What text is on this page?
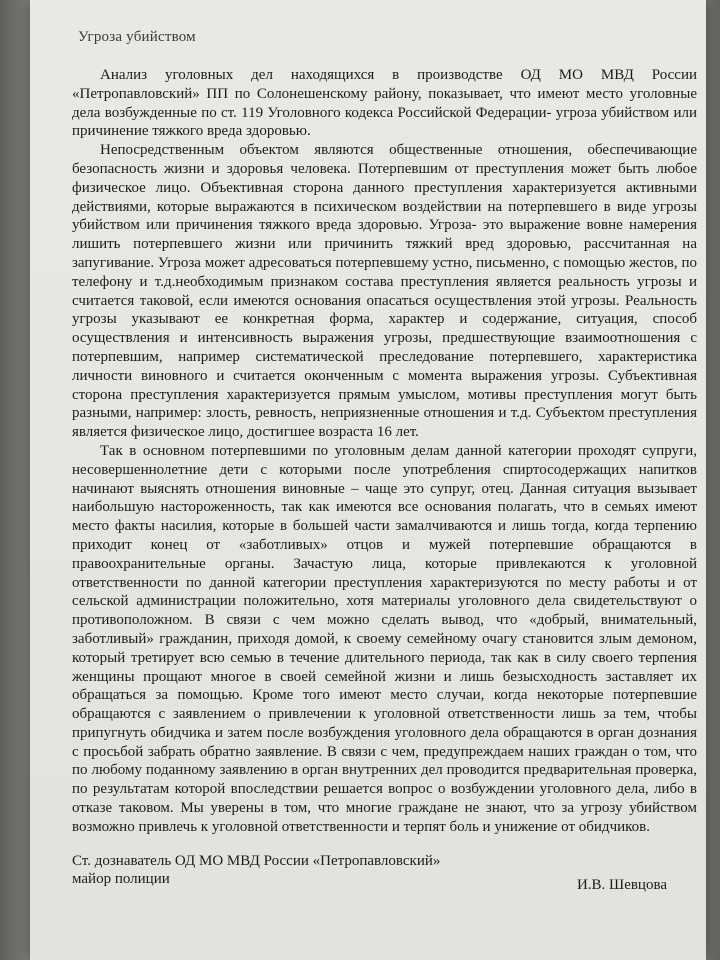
Угроза убийством

Анализ уголовных дел находящихся в производстве ОД МО МВД России «Петропавловский» ПП по Солонешенскому району, показывает, что имеют место уголовные дела возбужденные по ст. 119 Уголовного кодекса Российской Федерации- угроза убийством или причинение тяжкого вреда здоровью.

Непосредственным объектом являются общественные отношения, обеспечивающие безопасность жизни и здоровья человека. Потерпевшим от преступления может быть любое физическое лицо. Объективная сторона данного преступления характеризуется активными действиями, которые выражаются в психическом воздействии на потерпевшего в виде угрозы убийством или причинения тяжкого вреда здоровью. Угроза- это выражение вовне намерения лишить потерпевшего жизни или причинить тяжкий вред здоровью, рассчитанная на запугивание. Угроза может адресоваться потерпевшему устно, письменно, с помощью жестов, по телефону и т.д.необходимым признаком состава преступления является реальность угрозы и считается таковой, если имеются основания опасаться осуществления этой угрозы. Реальность угрозы указывают ее конкретная форма, характер и содержание, ситуация, способ осуществления и интенсивность выражения угрозы, предшествующие взаимоотношения с потерпевшим, например систематической преследование потерпевшего, характеристика личности виновного и считается оконченным с момента выражения угрозы. Субъективная сторона преступления характеризуется прямым умыслом, мотивы преступления могут быть разными, например: злость, ревность, неприязненные отношения и т.д. Субъектом преступления является физическое лицо, достигшее возраста 16 лет.

Так в основном потерпевшими по уголовным делам данной категории проходят супруги, несовершеннолетние дети с которыми после употребления спиртосодержащих напитков начинают выяснять отношения виновные – чаще это супруг, отец. Данная ситуация вызывает наибольшую настороженность, так как имеются все основания полагать, что в семьях имеют место факты насилия, которые в большей части замалчиваются и лишь тогда, когда терпению приходит конец от «заботливых» отцов и мужей потерпевшие обращаются в правоохранительные органы. Зачастую лица, которые привлекаются к уголовной ответственности по данной категории преступления характеризуются по месту работы и от сельской администрации положительно, хотя материалы уголовного дела свидетельствуют о противоположном. В связи с чем можно сделать вывод, что «добрый, внимательный, заботливый» гражданин, приходя домой, к своему семейному очагу становится злым демоном, который третирует всю семью в течение длительного периода, так как в силу своего терпения женщины прощают многое в своей семейной жизни и лишь безысходность заставляет их обращаться за помощью. Кроме того имеют место случаи, когда некоторые потерпевшие обращаются с заявлением о привлечении к уголовной ответственности лишь за тем, чтобы припугнуть обидчика и затем после возбуждения уголовного дела обращаются в орган дознания с просьбой забрать обратно заявление. В связи с чем, предупреждаем наших граждан о том, что по любому поданному заявлению в орган внутренних дел проводится предварительная проверка, по результатам которой впоследствии решается вопрос о возбуждении уголовного дела, либо в отказе таковом. Мы уверены в том, что многие граждане не знают, что за угрозу убийством возможно привлечь к уголовной ответственности и терпят боль и унижение от обидчиков.

Ст. дознаватель ОД МО МВД России «Петропавловский»
майор полиции	И.В. Шевцова
